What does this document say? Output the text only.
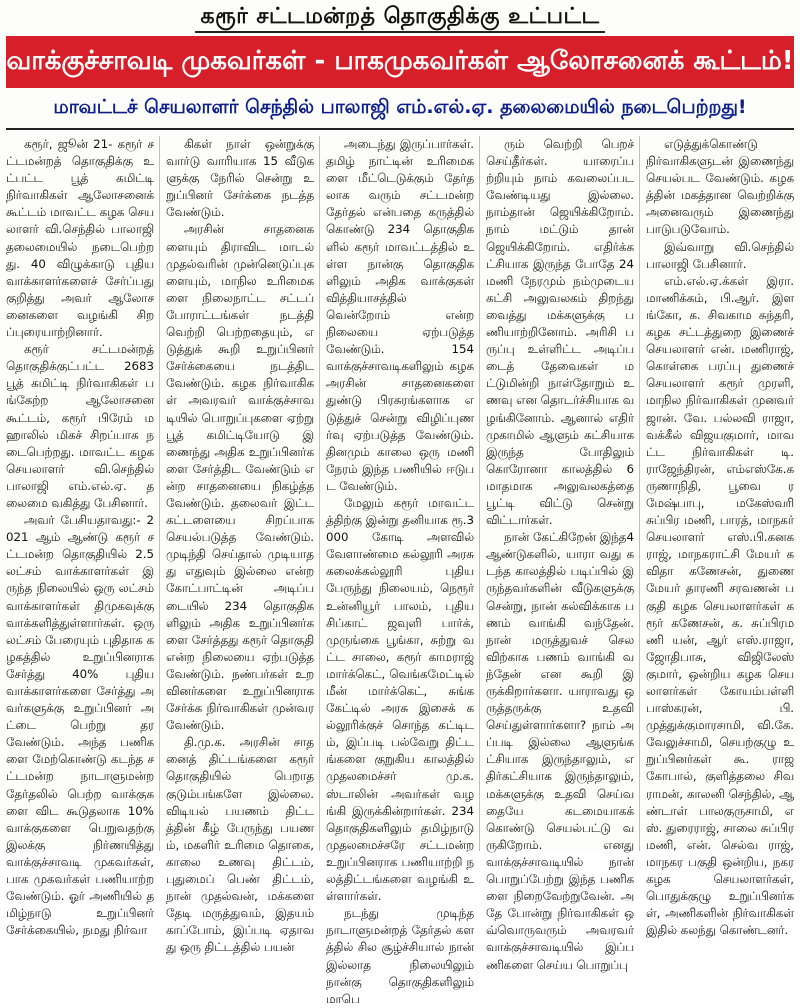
கரூர் சட்டமன்றத் தொகுதிக்கு உட்பட்ட
வாக்குச்சாவடி முகவர்கள் - பாகமுகவர்கள் ஆலோசனைக் கூட்டம்!
மாவட்டச் செயலாளர் செந்தில் பாலாஜி எம்.எல்.ஏ. தலைமையில் நடைபெற்றது!

கரூர், ஜூன் 21- கரூர் சட்டமன்றத் தொகுதிக்கு உட்பட்ட பூத் கமிட்டி நிர்வாகிகள் ஆலோசனைக் கூட்டம் மாவட்ட கழக செயலாளர் வி.செந்தில் பாலாஜி தலைமையில் நடைபெற்றது. 40 விழுக்காடு புதிய வாக்காளர்களைச் சேர்ப்பது குறித்து அவர் ஆலோசனைகளை வழங்கி சிறப்புரையாற்றினார்.

கரூர் சட்டமன்றத் தொகுதிக்குட்பட்ட 2683 பூத் கமிட்டி நிர்வாகிகள் பங்கேற்ற ஆலோசனை கூட்டம், கரூர் பிரேம் மஹாலில் மிகச் சிறப்பாக நடைபெற்றது. மாவட்ட கழக செயலாளர் வி.செந்தில் பாலாஜி எம்.எல்.ஏ. தலைமை வகித்து பேசினார்.

அவர் பேசியதாவது:- 2021 ஆம் ஆண்டு கரூர் சட்டமன்ற தொகுதியில் 2.5 லட்சம் வாக்காளர்கள் இருந்த நிலையில் ஒரு லட்சம் வாக்காளர்கள் திமுகவுக்கு வாக்களித்துள்ளார்கள். ஒரு லட்சம் பேரையும் புதிதாக கழகத்தில் உறுப்பினராக சேர்த்து 40% புதிய வாக்காளர்களை சேர்த்து அவர்களுக்கு உறுப்பினர் அட்டை பெற்று தர வேண்டும். அந்த பணிகளை மேற்கொண்டு கடந்த சட்டமன்ற நாடாளுமன்ற தேர்தலில் பெற்ற வாக்குகளை விட கூடுதலாக 10% வாக்குகளை பெறுவதற்கு இலக்கு நிர்ணயித்து வாக்குச்சாவடி முகவர்கள், பாக முகவர்கள் பணியாற்ற வேண்டும். ஓர் அணியில் தமிழ்நாடு உறுப்பினர் சேர்க்கையில், நமது நிர்வா

கிகள் நாள் ஒன்றுக்கு வார்டு வாரியாக 15 வீடுகளுக்கு நேரில் சென்று உறுப்பினர் சேர்க்கை நடத்த வேண்டும்.

அரசின் சாதனைகளையும் திராவிட மாடல் முதல்வரின் முன்னெடுப்புகளையும், மாநில உரிமைகளை நிலைநாட்ட சட்டப் போராட்டங்கள் நடத்தி வெற்றி பெற்றதையும், எடுத்துக் கூறி உறுப்பினர் சேர்க்கையை நடத்திட வேண்டும். கழக நிர்வாகிகள் அவரவர் வாக்குச்சாவடியில் பொறுப்புகளை ஏற்று பூத் கமிட்டியோடு இணைந்து அதிக உறுப்பினர்களை சேர்த்திட வேண்டும் என்ற சாதனையை நிகழ்த்த வேண்டும். தலைவர் இட்ட கட்டளையை சிறப்பாக செயல்படுத்த வேண்டும். முடிந்தி செய்தால் முடியாதது எதுவும் இல்லை என்ற கோட்பாட்டின் அடிப்படையில் 234 தொகுதிகளிலும் அதிக உறுப்பினர்களை சேர்த்தது கரூர் தொகுதி என்ற நிலையை ஏற்படுத்த வேண்டும். நண்பர்கள் உறவினர்களை உறுப்பினராக சேர்க்க நிர்வாகிகள் முன்வர வேண்டும்.

தி.மு.க. அரசின் சாதனைத் திட்டங்களை கரூர் தொகுதியில் பெறாத குடும்பங்களே இல்லை. விடியல் பயணம் திட்டத்தின் கீழ் பேருந்து பயணம், மகளிர் உரிமை தொகை, காலை உணவு திட்டம், புதுமைப் பெண் திட்டம், நான் முதல்வன், மக்களை தேடி மருத்துவம், இதயம் காப்போம், இப்படி ஏதாவது ஒரு திட்டத்தில் பயன்

அடைந்து இருப்பார்கள். தமிழ் நாட்டின் உரிமைகளை மீட்டெடுக்கும் தேர்தலாக வரும் சட்டமன்ற தேர்தல் என்பதை கருத்தில் கொண்டு 234 தொகுதிகளில் கரூர் மாவட்டத்தில் உள்ள நான்கு தொகுதிகளிலும் அதிக வாக்குகள் வித்தியாசத்தில் வென்றோம் என்ற நிலையை ஏற்படுத்த வேண்டும். 154 வாக்குச்சாவடிகளிலும் கழக அரசின் சாதனைகளை துண்டு பிரசுரங்களாக எடுத்துச் சென்று விழிப்புணர்வு ஏற்படுத்த வேண்டும். தினமும் காலை ஒரு மணி நேரம் இந்த பணியில் ஈடுபட வேண்டும்.

மேலும் கரூர் மாவட்டத்திற்கு இன்று தனியாக ரூ.3000 கோடி அளவில் வேளாண்மை கல்லூரி அரசு கலைக்கல்லூரி புதிய பேருந்து நிலையம், நெரூர் உன்னியூர் பாலம், புதிய சிப்காட் ஜவுளி பார்க், முருங்கை பூங்கா, சுற்று வட்ட சாலை, கரூர் காமராஜ் மார்க்கெட், வெங்கமேட்டில் மீன் மார்க்கெட், சுங்க கேட்டில் அரசு இசைக் கல்லூரிக்குச் சொந்த கட்டிடம், இப்படி பல்வேறு திட்டங்களை குறுகிய காலத்தில் முதலமைச்சர் மு.க.ஸ்டாலின் அவர்கள் வழங்கி இருக்கின்றார்கள். 234 தொகுதிகளிலும் தமிழ்நாடு முதலமைச்சரே சட்டமன்ற உறுப்பினராக பணியாற்றி நலத்திட்டங்களை வழங்கி உள்ளார்கள்.

நடந்து முடிந்த நாடாளுமன்றத் தேர்தல் களத்தில் சில சூழ்ச்சியால் நான் இல்லாத நிலையிலும் நான்கு தொகுதிகளிலும் மாபெ

ரும் வெற்றி பெறச் செய்தீர்கள். யாரைப்பற்றியும் நாம் கவலைப்பட வேண்டியது இல்லை. நாம்தான் ஜெயிக்கிறோம். நாம் மட்டும் தான் ஜெயிக்கிறோம். எதிர்க்கட்சியாக இருந்த போதே 24 மணி நேரமும் நம்முடைய கட்சி அலுவலகம் திறந்து வைத்து மக்களுக்கு பணியாற்றினோம். அரிசி பருப்பு உள்ளிட்ட அடிப்படைத் தேவைகள் மட்டுமின்றி நாள்தோறும் உணவு என தொடர்ச்சியாக வழங்கினோம். ஆனால் எதிர் முகாமில் ஆளும் கட்சியாக இருந்த போதிலும் கொரோனா காலத்தில் 6 மாதமாக அலுவலகத்தை பூட்டி விட்டு சென்று விட்டார்கள்.

நான் கேட்கிறேன் இந்த4 ஆண்டுகளில், யாரா வது கடந்த காலத்தில் படிப்பில் இருந்தவர்களின் வீடுகளுக்கு சென்று, நான் கல்விக்காக பணம் வாங்கி வந்தேன். நான் மருத்துவச் செலவிற்காக பணம் வாங்கி வந்தேன் என கூறி இருக்கிறார்களா. யாராவது ஒருத்தருக்கு உதவி செய்துள்ளார்களா? நாம் அப்படி இல்லை ஆளுங்கட்சியாக இருந்தாலும், எதிர்கட்சியாக இருந்தாலும், மக்களுக்கு உதவி செய்வதையே கடமையாகக் கொண்டு செயல்பட்டு வருகிறோம். எனது வாக்குச்சாவடியில் நான் பொறுப்பேற்று இந்த பணிகளை நிறைவேற்றுவேன். அதே போன்று நிர்வாகிகள் ஒவ்வொருவரும் அவரவர் வாக்குச்சாவடியில் இப்பணிகளை செய்ய பொறுப்பு

எடுத்துக்கொண்டு நிர்வாகிகளுடன் இணைந்து செயல்பட வேண்டும். கழகத்தின் மகத்தான வெற்றிக்கு அனைவரும் இணைந்து பாடுபடுவோம்.

இவ்வாறு வி.செந்தில் பாலாஜி பேசினார்.

எம்.எல்.ஏ.க்கள் இரா. மாணிக்கம், பி.ஆர். இளங்கோ, க. சிவகாம சுந்தரி, கழக சட்டத்துறை இணைச் செயலாளர் என். மணிராஜ், கொள்கை பரப்பு துணைச் செயலாளர் கரூர் முரளி, மாநில நிர்வாகிகள் முனவர் ஜான். வே. பல்லவி ராஜா, வக்கீல் விஜயகுமார், மாவட்ட நிர்வாகிகள் டி.ராஜேந்திரன், எம்எஸ்கே.கருணாநிதி, பூவை ரமேஷ்பாபு, மகேஸ்வரி சுப்பிர மணி, பாரத், மாநகர் செயலாளர் எஸ்.பி.கனகராஜ், மாநகராட்சி மேயர் கவிதா கணேசன், துணை மேயர் தாரணி சரவணன் பகுதி கழக செயலாளர்கள் கரூர் கணேசன், க. சுப்பிரமணி யன், ஆர் எஸ்.ராஜா, ஜோதிபாசு, விஜிலேஸ் குமார், ஒன்றிய கழக செயலாளர்கள் கோயம்பள்ளி பாஸ்கரன், பி. முத்துக்குமாரசாமி, வி.கே.வேலுச்சாமி, செயற்குழு உறுப்பினர்கள் கூ. ராஜகோபால், குளித்தலை சிவராமன், காலனி செந்தில், ஆண்டாள் பாலகுருசாமி, எஸ். துரைராஜ், சாலை சுப்பிரமணி, என். செல்வ ராஜ், மாநகர பகுதி ஒன்றிய, நகர கழக செயலாளர்கள், பொதுக்குழு உறுப்பினர்கள், அணிகளின் நிர்வாகிகள் இதில் கலந்து கொண்டனர்.
